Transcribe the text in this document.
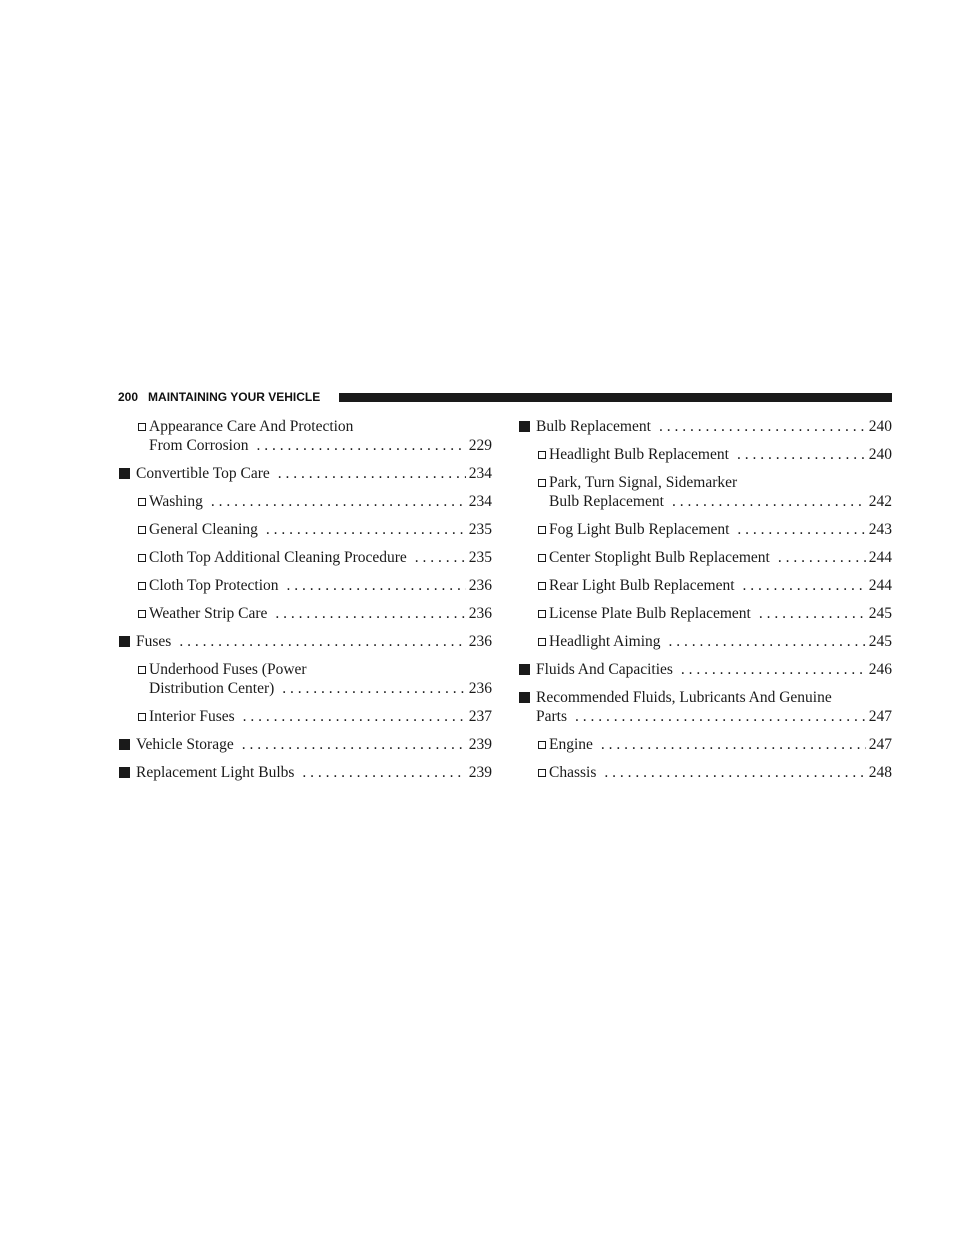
200 MAINTAINING YOUR VEHICLE
Appearance Care And Protection
From Corrosion . . .	229
Convertible Top Care . . .	234
Washing . . .	234
General Cleaning . . .	235
Cloth Top Additional Cleaning Procedure . . .	235
Cloth Top Protection . . .	236
Weather Strip Care . . .	236
Fuses . . .	236
Underhood Fuses (Power
Distribution Center) . . .	236
Interior Fuses . . .	237
Vehicle Storage . . .	239
Replacement Light Bulbs . . .	239
Bulb Replacement . . .	240
Headlight Bulb Replacement . . .	240
Park, Turn Signal, Sidemarker
Bulb Replacement . . .	242
Fog Light Bulb Replacement . . .	243
Center Stoplight Bulb Replacement . . .	244
Rear Light Bulb Replacement . . .	244
License Plate Bulb Replacement . . .	245
Headlight Aiming . . .	245
Fluids And Capacities . . .	246
Recommended Fluids, Lubricants And Genuine
Parts . . .	247
Engine . . .	247
Chassis . . .	248
